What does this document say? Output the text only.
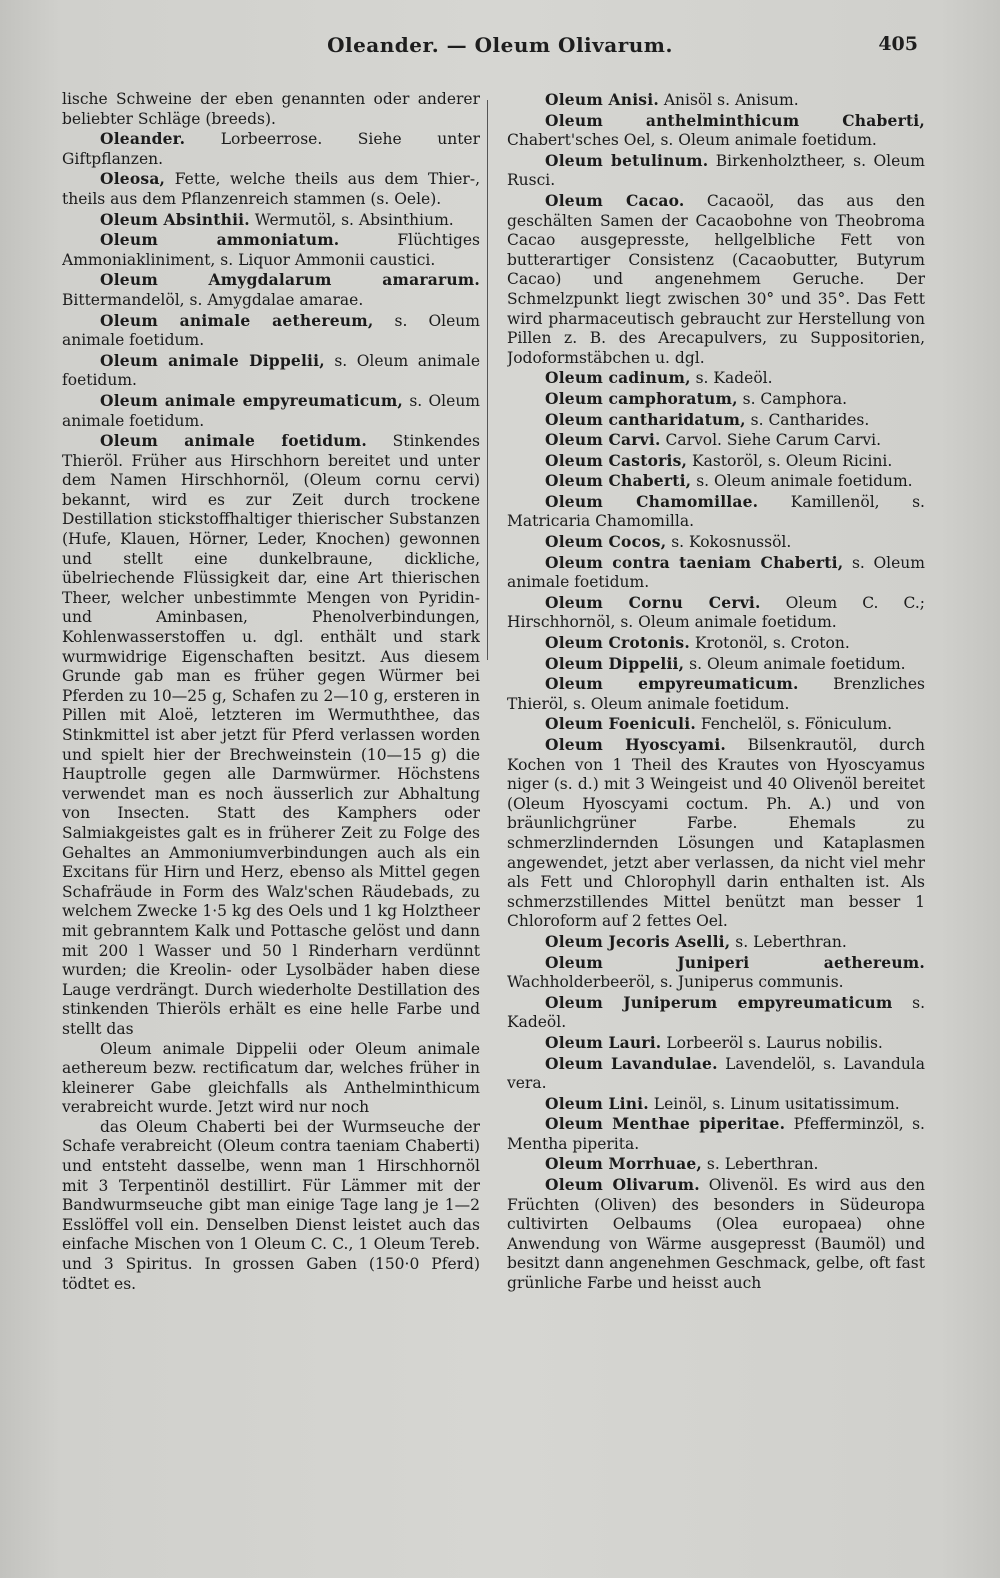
Oleander. — Oleum Olivarum.	405

lische Schweine der eben genannten oder anderer beliebter Schläge (breeds).

Oleander. Lorbeerrose. Siehe unter Giftpflanzen.

Oleosa, Fette, welche theils aus dem Thier-, theils aus dem Pflanzenreich stammen (s. Oele).

Oleum Absinthii. Wermutöl, s. Absinthium.

Oleum ammoniatum. Flüchtiges Ammoniakliniment, s. Liquor Ammonii caustici.

Oleum Amygdalarum amararum. Bittermandelöl, s. Amygdalae amarae.

Oleum animale aethereum, s. Oleum animale foetidum.

Oleum animale Dippelii, s. Oleum animale foetidum.

Oleum animale empyreumaticum, s. Oleum animale foetidum.

Oleum animale foetidum. Stinkendes Thieröl. Früher aus Hirschhorn bereitet und unter dem Namen Hirschhornöl, (Oleum cornu cervi) bekannt, wird es zur Zeit durch trockene Destillation stickstoffhaltiger thierischer Substanzen (Hufe, Klauen, Hörner, Leder, Knochen) gewonnen und stellt eine dunkelbraune, dickliche, übelriechende Flüssigkeit dar, eine Art thierischen Theer, welcher unbestimmte Mengen von Pyridin- und Aminbasen, Phenolverbindungen, Kohlenwasserstoffen u. dgl. enthält und stark wurmwidrige Eigenschaften besitzt. Aus diesem Grunde gab man es früher gegen Würmer bei Pferden zu 10—25 g, Schafen zu 2—10 g, ersteren in Pillen mit Aloë, letzteren im Wermuththee, das Stinkmittel ist aber jetzt für Pferd verlassen worden und spielt hier der Brechweinstein (10—15 g) die Hauptrolle gegen alle Darmwürmer. Höchstens verwendet man es noch äusserlich zur Abhaltung von Insecten. Statt des Kamphers oder Salmiakgeistes galt es in früherer Zeit zu Folge des Gehaltes an Ammoniumverbindungen auch als ein Excitans für Hirn und Herz, ebenso als Mittel gegen Schafräude in Form des Walz'schen Räudebads, zu welchem Zwecke 1·5 kg des Oels und 1 kg Holztheer mit gebranntem Kalk und Pottasche gelöst und dann mit 200 l Wasser und 50 l Rinderharn verdünnt wurden; die Kreolin- oder Lysolbäder haben diese Lauge verdrängt. Durch wiederholte Destillation des stinkenden Thieröls erhält es eine helle Farbe und stellt das

Oleum animale Dippelii oder Oleum animale aethereum bezw. rectificatum dar, welches früher in kleinerer Gabe gleichfalls als Anthelminthicum verabreicht wurde. Jetzt wird nur noch

das Oleum Chaberti bei der Wurmseuche der Schafe verabreicht (Oleum contra taeniam Chaberti) und entsteht dasselbe, wenn man 1 Hirschhornöl mit 3 Terpentinöl destillirt. Für Lämmer mit der Bandwurmseuche gibt man einige Tage lang je 1—2 Esslöffel voll ein. Denselben Dienst leistet auch das einfache Mischen von 1 Oleum C. C., 1 Oleum Tereb. und 3 Spiritus. In grossen Gaben (150·0 Pferd) tödtet es.

Oleum Anisi. Anisöl s. Anisum.

Oleum anthelminthicum Chaberti, Chabert'sches Oel, s. Oleum animale foetidum.

Oleum betulinum. Birkenholztheer, s. Oleum Rusci.

Oleum Cacao. Cacaoöl, das aus den geschälten Samen der Cacaobohne von Theobroma Cacao ausgepresste, hellgelbliche Fett von butterartiger Consistenz (Cacaobutter, Butyrum Cacao) und angenehmem Geruche. Der Schmelzpunkt liegt zwischen 30° und 35°. Das Fett wird pharmaceutisch gebraucht zur Herstellung von Pillen z. B. des Arecapulvers, zu Suppositorien, Jodoformstäbchen u. dgl.

Oleum cadinum, s. Kadeöl.

Oleum camphoratum, s. Camphora.

Oleum cantharidatum, s. Cantharides.

Oleum Carvi. Carvol. Siehe Carum Carvi.

Oleum Castoris, Kastoröl, s. Oleum Ricini.

Oleum Chaberti, s. Oleum animale foetidum.

Oleum Chamomillae. Kamillenöl, s. Matricaria Chamomilla.

Oleum Cocos, s. Kokosnussöl.

Oleum contra taeniam Chaberti, s. Oleum animale foetidum.

Oleum Cornu Cervi. Oleum C. C.; Hirschhornöl, s. Oleum animale foetidum.

Oleum Crotonis. Krotonöl, s. Croton.

Oleum Dippelii, s. Oleum animale foetidum.

Oleum empyreumaticum. Brenzliches Thieröl, s. Oleum animale foetidum.

Oleum Foeniculi. Fenchelöl, s. Föniculum.

Oleum Hyoscyami. Bilsenkrautöl, durch Kochen von 1 Theil des Krautes von Hyoscyamus niger (s. d.) mit 3 Weingeist und 40 Olivenöl bereitet (Oleum Hyoscyami coctum. Ph. A.) und von bräunlichgrüner Farbe. Ehemals zu schmerzlindernden Lösungen und Kataplasmen angewendet, jetzt aber verlassen, da nicht viel mehr als Fett und Chlorophyll darin enthalten ist. Als schmerzstillendes Mittel benützt man besser 1 Chloroform auf 2 fettes Oel.

Oleum Jecoris Aselli, s. Leberthran.

Oleum Juniperi aethereum. Wachholderbeeröl, s. Juniperus communis.

Oleum Juniperum empyreumaticum s. Kadeöl.

Oleum Lauri. Lorbeeröl s. Laurus nobilis.

Oleum Lavandulae. Lavendelöl, s. Lavandula vera.

Oleum Lini. Leinöl, s. Linum usitatissimum.

Oleum Menthae piperitae. Pfefferminzöl, s. Mentha piperita.

Oleum Morrhuae, s. Leberthran.

Oleum Olivarum. Olivenöl. Es wird aus den Früchten (Oliven) des besonders in Südeuropa cultivirten Oelbaums (Olea europaea) ohne Anwendung von Wärme ausgepresst (Baumöl) und besitzt dann angenehmen Geschmack, gelbe, oft fast grünliche Farbe und heisst auch
